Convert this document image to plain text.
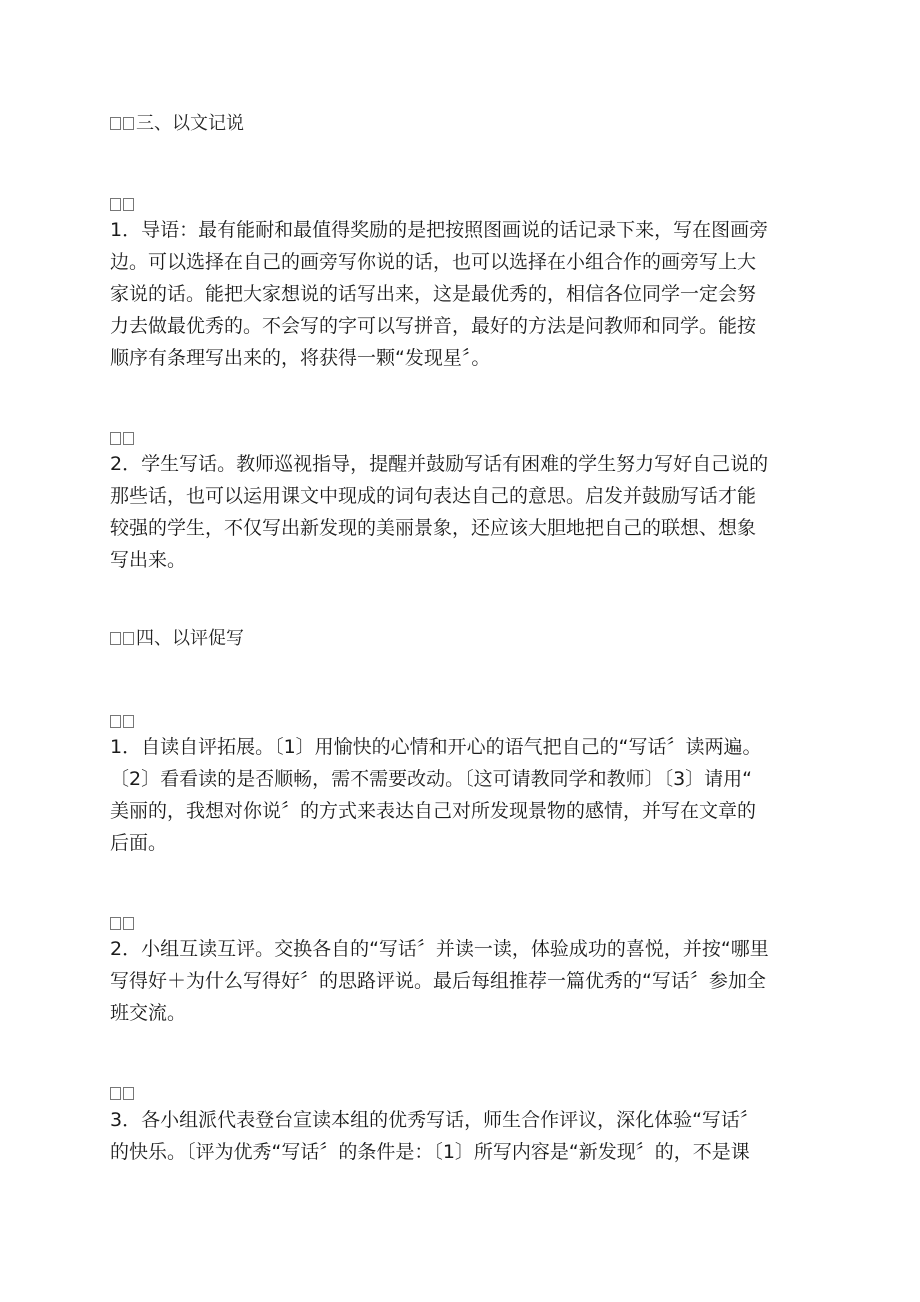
三、以文记说
1．导语：最有能耐和最值得奖励的是把按照图画说的话记录下来，写在图画旁
边。可以选择在自己的画旁写你说的话，也可以选择在小组合作的画旁写上大
家说的话。能把大家想说的话写出来，这是最优秀的，相信各位同学一定会努
力去做最优秀的。不会写的字可以写拼音，最好的方法是问教师和同学。能按
顺序有条理写出来的，将获得一颗“发现星〞。
2．学生写话。教师巡视指导，提醒并鼓励写话有困难的学生努力写好自己说的
那些话，也可以运用课文中现成的词句表达自己的意思。启发并鼓励写话才能
较强的学生，不仅写出新发现的美丽景象，还应该大胆地把自己的联想、想象
写出来。
四、以评促写
1．自读自评拓展。〔1〕用愉快的心情和开心的语气把自己的“写话〞读两遍。
〔2〕看看读的是否顺畅，需不需要改动。〔这可请教同学和教师〕〔3〕请用“
美丽的，我想对你说〞的方式来表达自己对所发现景物的感情，并写在文章的
后面。
2．小组互读互评。交换各自的“写话〞并读一读，体验成功的喜悦，并按“哪里
写得好＋为什么写得好〞的思路评说。最后每组推荐一篇优秀的“写话〞参加全
班交流。
3．各小组派代表登台宣读本组的优秀写话，师生合作评议，深化体验“写话〞
的快乐。〔评为优秀“写话〞的条件是：〔1〕所写内容是“新发现〞的，不是课
